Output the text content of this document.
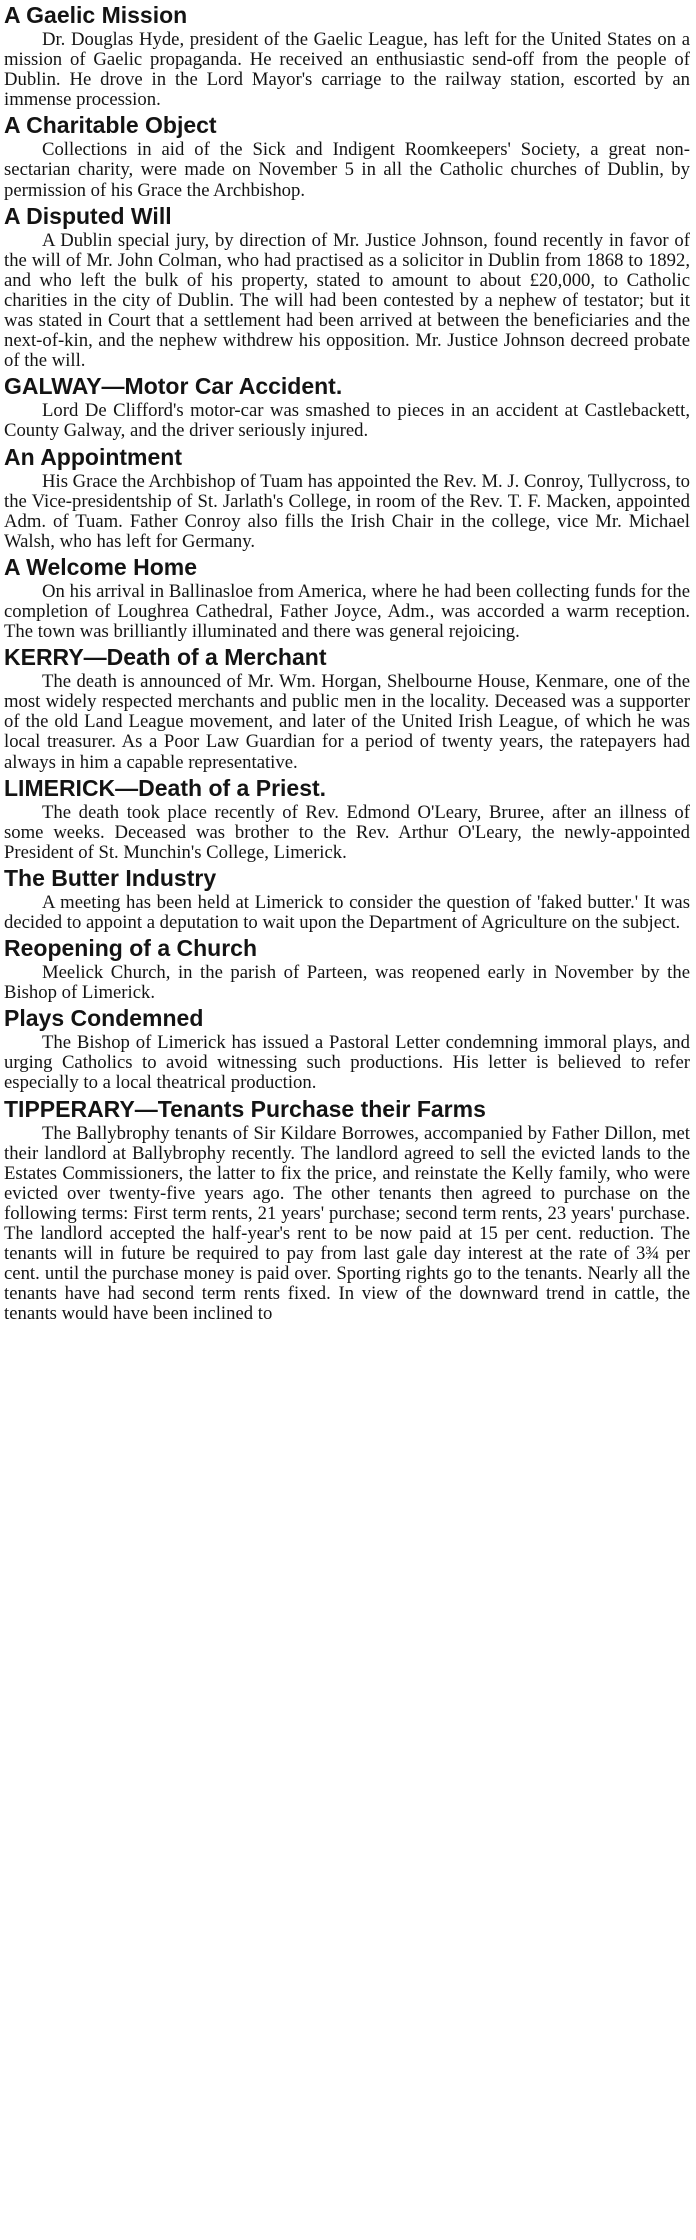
A Gaelic Mission

Dr. Douglas Hyde, president of the Gaelic League, has left for the United States on a mission of Gaelic propaganda. He received an enthusiastic send-off from the people of Dublin. He drove in the Lord Mayor's carriage to the railway station, escorted by an immense procession.

A Charitable Object

Collections in aid of the Sick and Indigent Roomkeepers' Society, a great non-sectarian charity, were made on November 5 in all the Catholic churches of Dublin, by permission of his Grace the Archbishop.

A Disputed Will

A Dublin special jury, by direction of Mr. Justice Johnson, found recently in favor of the will of Mr. John Colman, who had practised as a solicitor in Dublin from 1868 to 1892, and who left the bulk of his property, stated to amount to about £20,000, to Catholic charities in the city of Dublin. The will had been contested by a nephew of testator; but it was stated in Court that a settlement had been arrived at between the beneficiaries and the next-of-kin, and the nephew withdrew his opposition. Mr. Justice Johnson decreed probate of the will.

GALWAY—Motor Car Accident.

Lord De Clifford's motor-car was smashed to pieces in an accident at Castlebackett, County Galway, and the driver seriously injured.

An Appointment

His Grace the Archbishop of Tuam has appointed the Rev. M. J. Conroy, Tullycross, to the Vice-presidentship of St. Jarlath's College, in room of the Rev. T. F. Macken, appointed Adm. of Tuam. Father Conroy also fills the Irish Chair in the college, vice Mr. Michael Walsh, who has left for Germany.

A Welcome Home

On his arrival in Ballinasloe from America, where he had been collecting funds for the completion of Loughrea Cathedral, Father Joyce, Adm., was accorded a warm reception. The town was brilliantly illuminated and there was general rejoicing.

KERRY—Death of a Merchant

The death is announced of Mr. Wm. Horgan, Shelbourne House, Kenmare, one of the most widely respected merchants and public men in the locality. Deceased was a supporter of the old Land League movement, and later of the United Irish League, of which he was local treasurer. As a Poor Law Guardian for a period of twenty years, the ratepayers had always in him a capable representative.

LIMERICK—Death of a Priest.

The death took place recently of Rev. Edmond O'Leary, Bruree, after an illness of some weeks. Deceased was brother to the Rev. Arthur O'Leary, the newly-appointed President of St. Munchin's College, Limerick.

The Butter Industry

A meeting has been held at Limerick to consider the question of 'faked butter.' It was decided to appoint a deputation to wait upon the Department of Agriculture on the subject.

Reopening of a Church

Meelick Church, in the parish of Parteen, was reopened early in November by the Bishop of Limerick.

Plays Condemned

The Bishop of Limerick has issued a Pastoral Letter condemning immoral plays, and urging Catholics to avoid witnessing such productions. His letter is believed to refer especially to a local theatrical production.

TIPPERARY—Tenants Purchase their Farms

The Ballybrophy tenants of Sir Kildare Borrowes, accompanied by Father Dillon, met their landlord at Ballybrophy recently. The landlord agreed to sell the evicted lands to the Estates Commissioners, the latter to fix the price, and reinstate the Kelly family, who were evicted over twenty-five years ago. The other tenants then agreed to purchase on the following terms: First term rents, 21 years' purchase; second term rents, 23 years' purchase. The landlord accepted the half-year's rent to be now paid at 15 per cent. reduction. The tenants will in future be required to pay from last gale day interest at the rate of 3¾ per cent. until the purchase money is paid over. Sporting rights go to the tenants. Nearly all the tenants have had second term rents fixed. In view of the downward trend in cattle, the tenants would have been inclined to
